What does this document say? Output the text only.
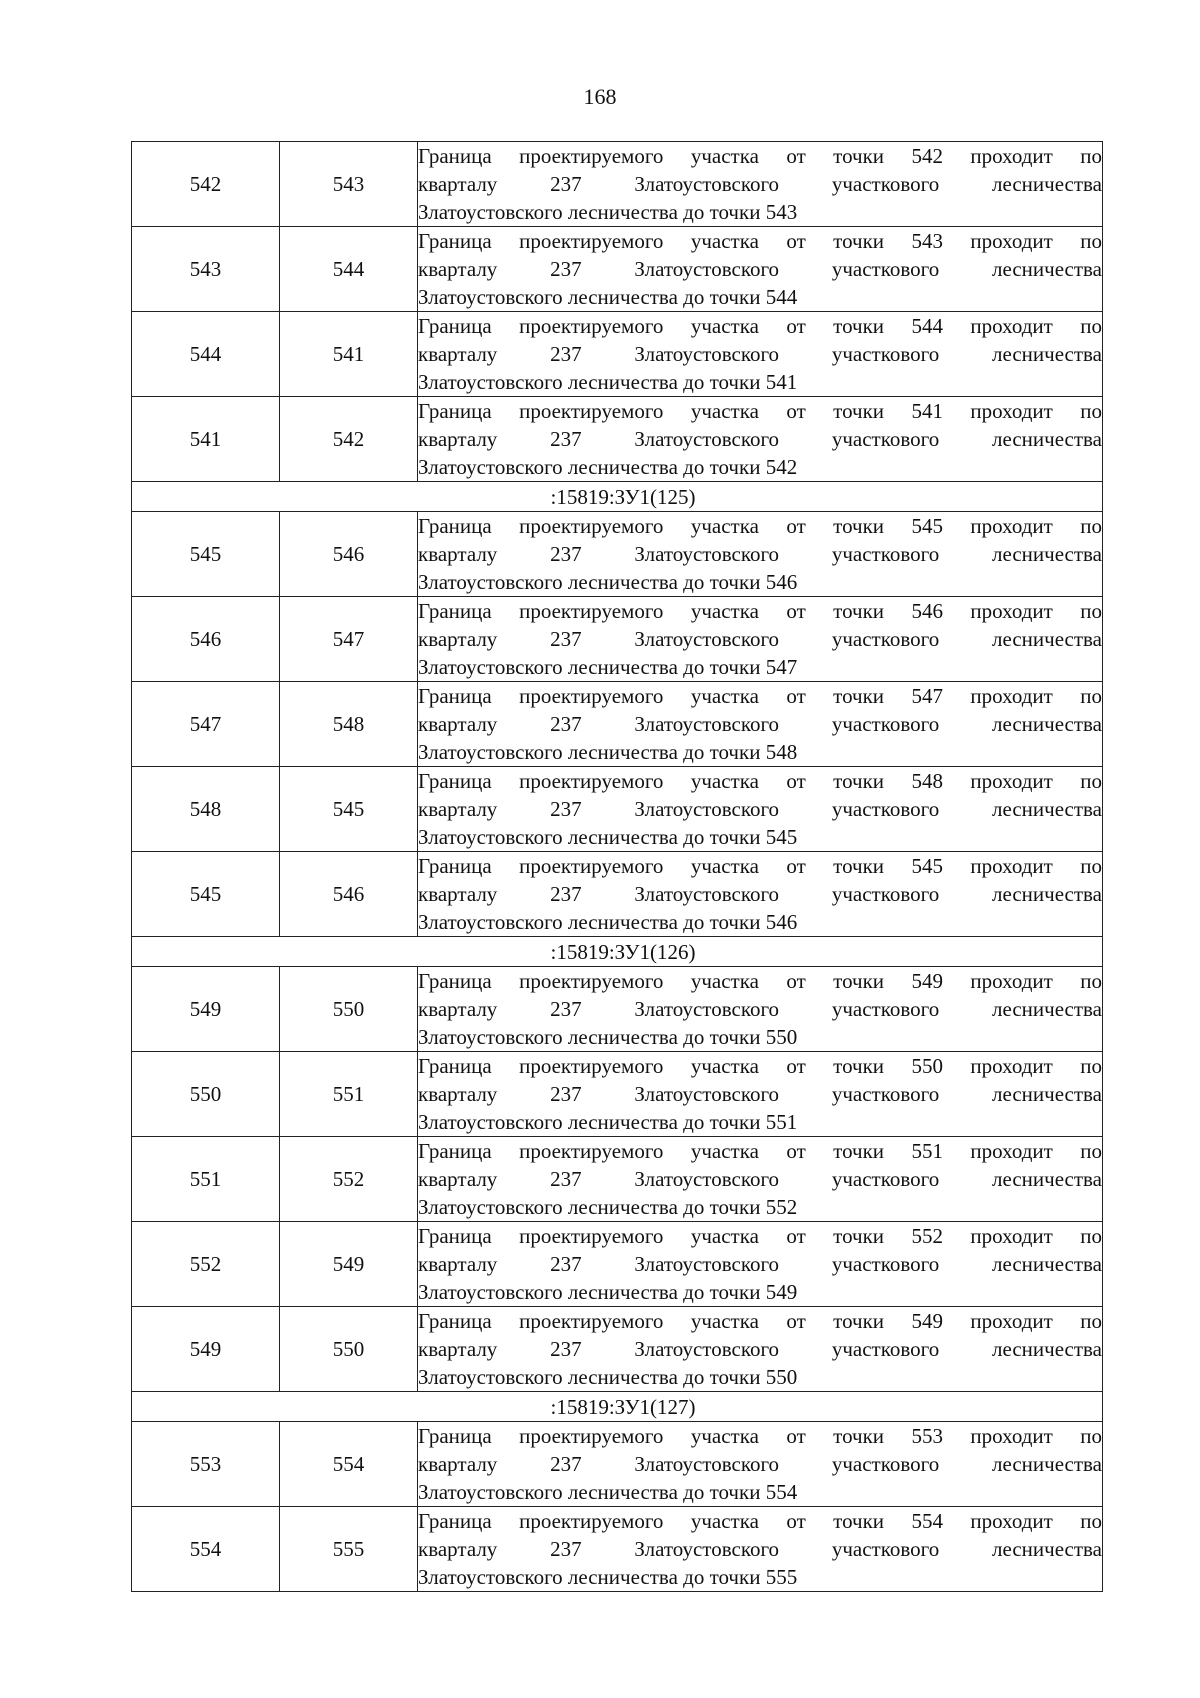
168
542	543	Граница проектируемого участка от точки 542 проходит по
кварталу 237 Златоустовского участкового лесничества
Златоустовского лесничества до точки 543

543	544	Граница проектируемого участка от точки 543 проходит по
кварталу 237 Златоустовского участкового лесничества
Златоустовского лесничества до точки 544

544	541	Граница проектируемого участка от точки 544 проходит по
кварталу 237 Златоустовского участкового лесничества
Златоустовского лесничества до точки 541

541	542	Граница проектируемого участка от точки 541 проходит по
кварталу 237 Златоустовского участкового лесничества
Златоустовского лесничества до точки 542

:15819:ЗУ1(125)		
545	546	Граница проектируемого участка от точки 545 проходит по
кварталу 237 Златоустовского участкового лесничества
Златоустовского лесничества до точки 546

546	547	Граница проектируемого участка от точки 546 проходит по
кварталу 237 Златоустовского участкового лесничества
Златоустовского лесничества до точки 547

547	548	Граница проектируемого участка от точки 547 проходит по
кварталу 237 Златоустовского участкового лесничества
Златоустовского лесничества до точки 548

548	545	Граница проектируемого участка от точки 548 проходит по
кварталу 237 Златоустовского участкового лесничества
Златоустовского лесничества до точки 545

545	546	Граница проектируемого участка от точки 545 проходит по
кварталу 237 Златоустовского участкового лесничества
Златоустовского лесничества до точки 546

:15819:ЗУ1(126)		
549	550	Граница проектируемого участка от точки 549 проходит по
кварталу 237 Златоустовского участкового лесничества
Златоустовского лесничества до точки 550

550	551	Граница проектируемого участка от точки 550 проходит по
кварталу 237 Златоустовского участкового лесничества
Златоустовского лесничества до точки 551

551	552	Граница проектируемого участка от точки 551 проходит по
кварталу 237 Златоустовского участкового лесничества
Златоустовского лесничества до точки 552

552	549	Граница проектируемого участка от точки 552 проходит по
кварталу 237 Златоустовского участкового лесничества
Златоустовского лесничества до точки 549

549	550	Граница проектируемого участка от точки 549 проходит по
кварталу 237 Златоустовского участкового лесничества
Златоустовского лесничества до точки 550

:15819:ЗУ1(127)		
553	554	Граница проектируемого участка от точки 553 проходит по
кварталу 237 Златоустовского участкового лесничества
Златоустовского лесничества до точки 554

554	555	Граница проектируемого участка от точки 554 проходит по
кварталу 237 Златоустовского участкового лесничества
Златоустовского лесничества до точки 555
